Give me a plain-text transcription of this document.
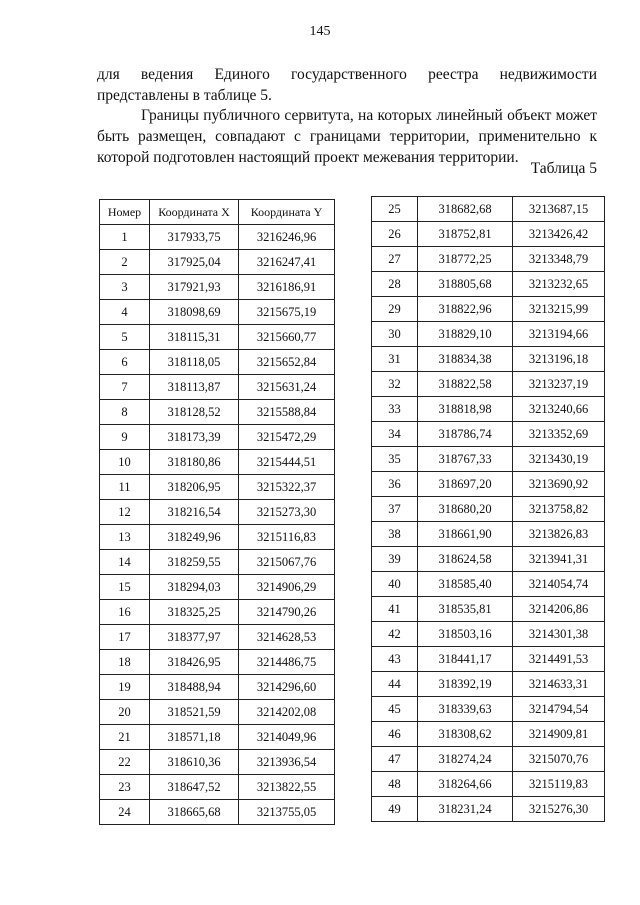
145

для ведения Единого государственного реестра недвижимости представлены в таблице 5.

Границы публичного сервитута, на которых линейный объект может быть размещен, совпадают с границами территории, применительно к которой подготовлен настоящий проект межевания территории.

Таблица 5
Номер	Координата X	Координата Y
1	317933,75	3216246,96
2	317925,04	3216247,41
3	317921,93	3216186,91
4	318098,69	3215675,19
5	318115,31	3215660,77
6	318118,05	3215652,84
7	318113,87	3215631,24
8	318128,52	3215588,84
9	318173,39	3215472,29
10	318180,86	3215444,51
11	318206,95	3215322,37
12	318216,54	3215273,30
13	318249,96	3215116,83
14	318259,55	3215067,76
15	318294,03	3214906,29
16	318325,25	3214790,26
17	318377,97	3214628,53
18	318426,95	3214486,75
19	318488,94	3214296,60
20	318521,59	3214202,08
21	318571,18	3214049,96
22	318610,36	3213936,54
23	318647,52	3213822,55
24	318665,68	3213755,05
25	318682,68	3213687,15
26	318752,81	3213426,42
27	318772,25	3213348,79
28	318805,68	3213232,65
29	318822,96	3213215,99
30	318829,10	3213194,66
31	318834,38	3213196,18
32	318822,58	3213237,19
33	318818,98	3213240,66
34	318786,74	3213352,69
35	318767,33	3213430,19
36	318697,20	3213690,92
37	318680,20	3213758,82
38	318661,90	3213826,83
39	318624,58	3213941,31
40	318585,40	3214054,74
41	318535,81	3214206,86
42	318503,16	3214301,38
43	318441,17	3214491,53
44	318392,19	3214633,31
45	318339,63	3214794,54
46	318308,62	3214909,81
47	318274,24	3215070,76
48	318264,66	3215119,83
49	318231,24	3215276,30
